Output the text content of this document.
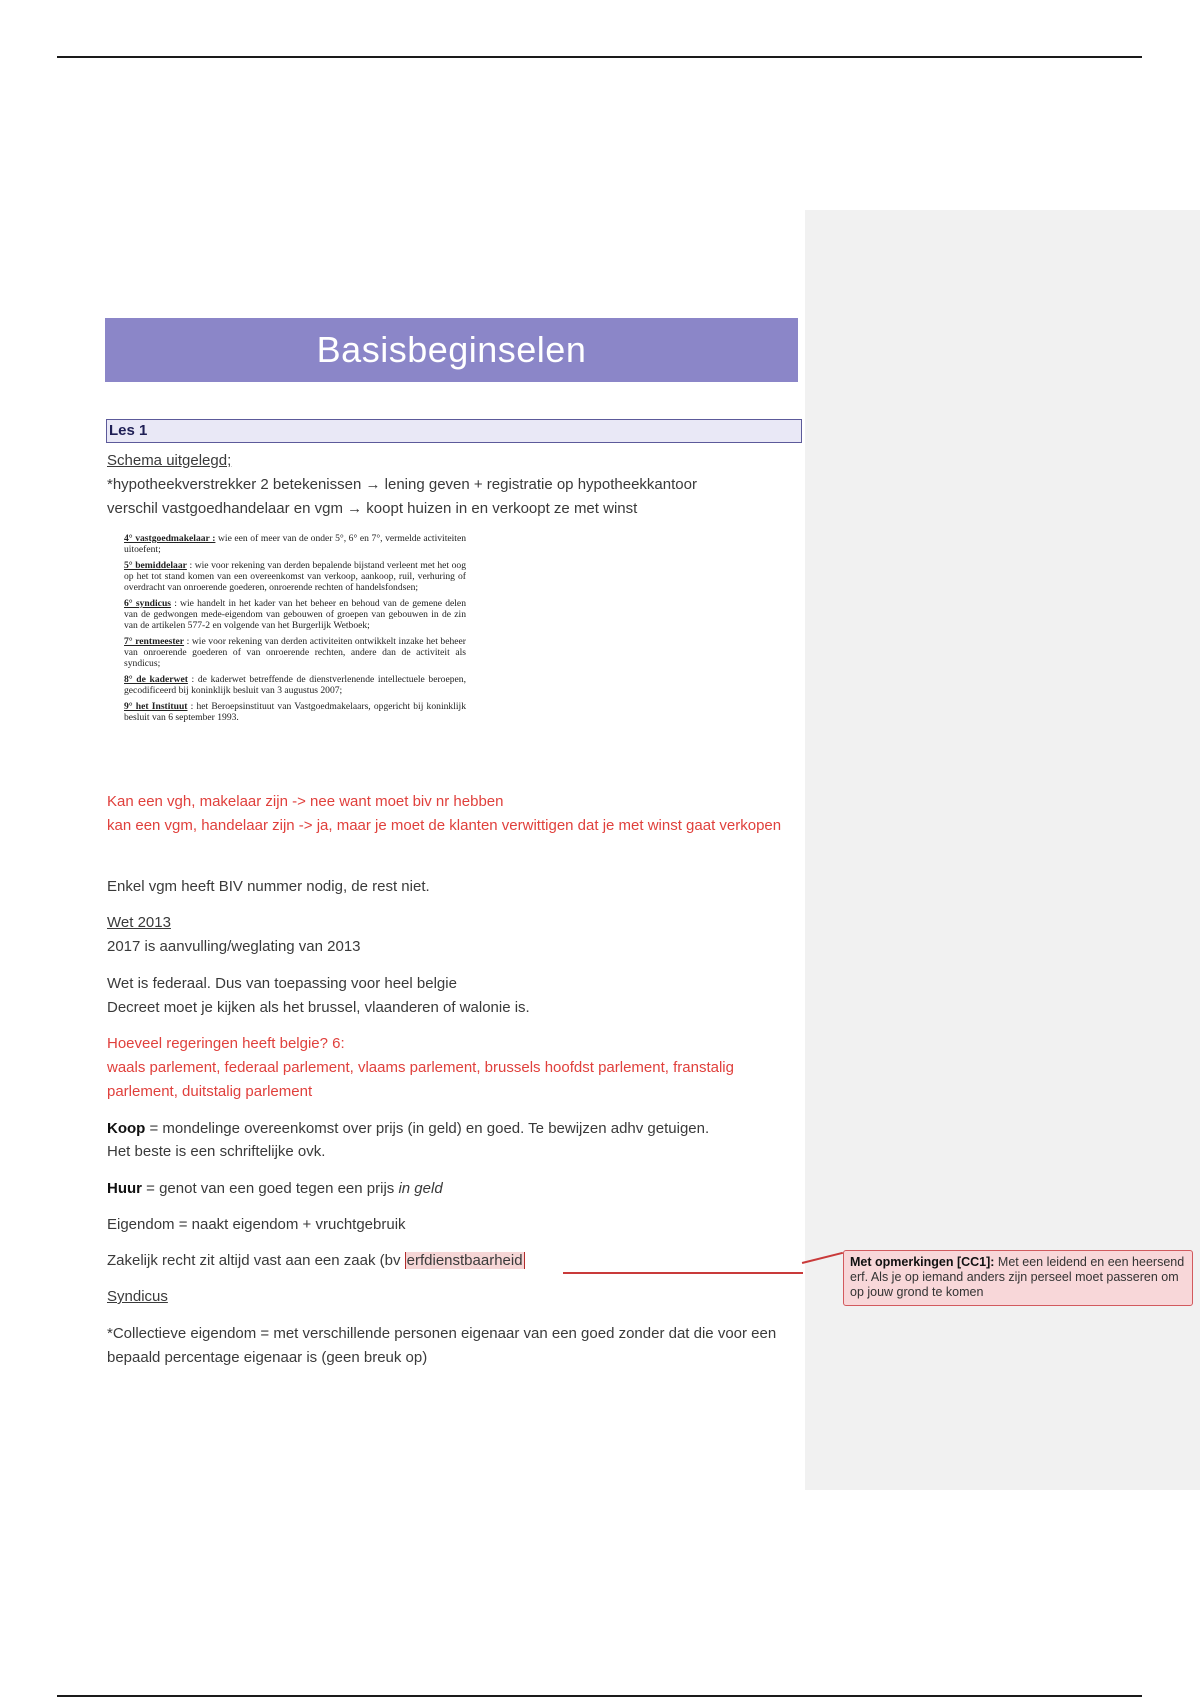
Basisbeginselen
Les 1
Schema uitgelegd;
*hypotheekverstrekker 2 betekenissen → lening geven + registratie op hypotheekkantoor
verschil vastgoedhandelaar en vgm → koopt huizen in en verkoopt ze met winst

4° vastgoedmakelaar : wie een of meer van de onder 5°, 6° en 7°, vermelde activiteiten uitoefent;

5° bemiddelaar : wie voor rekening van derden bepalende bijstand verleent met het oog op het tot stand komen van een overeenkomst van verkoop, aankoop, ruil, verhuring of overdracht van onroerende goederen, onroerende rechten of handelsfondsen;

6° syndicus : wie handelt in het kader van het beheer en behoud van de gemene delen van de gedwongen mede-eigendom van gebouwen of groepen van gebouwen in de zin van de artikelen 577-2 en volgende van het Burgerlijk Wetboek;

7° rentmeester : wie voor rekening van derden activiteiten ontwikkelt inzake het beheer van onroerende goederen of van onroerende rechten, andere dan de activiteit als syndicus;

8° de kaderwet : de kaderwet betreffende de dienstverlenende intellectuele beroepen, gecodificeerd bij koninklijk besluit van 3 augustus 2007;

9° het Instituut : het Beroepsinstituut van Vastgoedmakelaars, opgericht bij koninklijk besluit van 6 september 1993.

Kan een vgh, makelaar zijn -> nee want moet biv nr hebben
kan een vgm, handelaar zijn -> ja, maar je moet de klanten verwittigen dat je met winst gaat verkopen
Enkel vgm heeft BIV nummer nodig, de rest niet.
Wet 2013
2017 is aanvulling/weglating van 2013
Wet is federaal. Dus van toepassing voor heel belgie
Decreet moet je kijken als het brussel, vlaanderen of walonie is.
Hoeveel regeringen heeft belgie? 6:
waals parlement, federaal parlement, vlaams parlement, brussels hoofdst parlement, franstalig parlement, duitstalig parlement
Koop = mondelinge overeenkomst over prijs (in geld) en goed. Te bewijzen adhv getuigen.
Het beste is een schriftelijke ovk.
Huur = genot van een goed tegen een prijs in geld
Eigendom = naakt eigendom + vruchtgebruik
Zakelijk recht zit altijd vast aan een zaak (bv erfdienstbaarheid
Syndicus
*Collectieve eigendom = met verschillende personen eigenaar van een goed zonder dat die voor een bepaald percentage eigenaar is (geen breuk op)
Met opmerkingen [CC1]: Met een leidend en een heersend erf. Als je op iemand anders zijn perseel moet passeren om op jouw grond te komen
